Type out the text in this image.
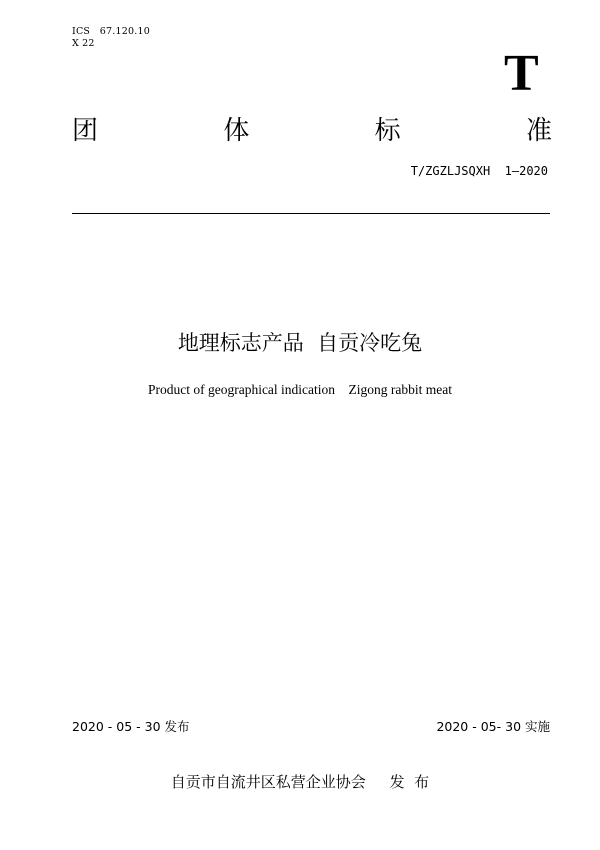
ICS   67.120.10
X 22
T
团	体	标	准
T/ZGZLJSQXH  1—2020
地理标志产品  自贡冷吃兔
Product of geographical indication    Zigong rabbit meat
2020 - 05 - 30 发布	2020 - 05- 30 实施
自贡市自流井区私营企业协会     发  布
